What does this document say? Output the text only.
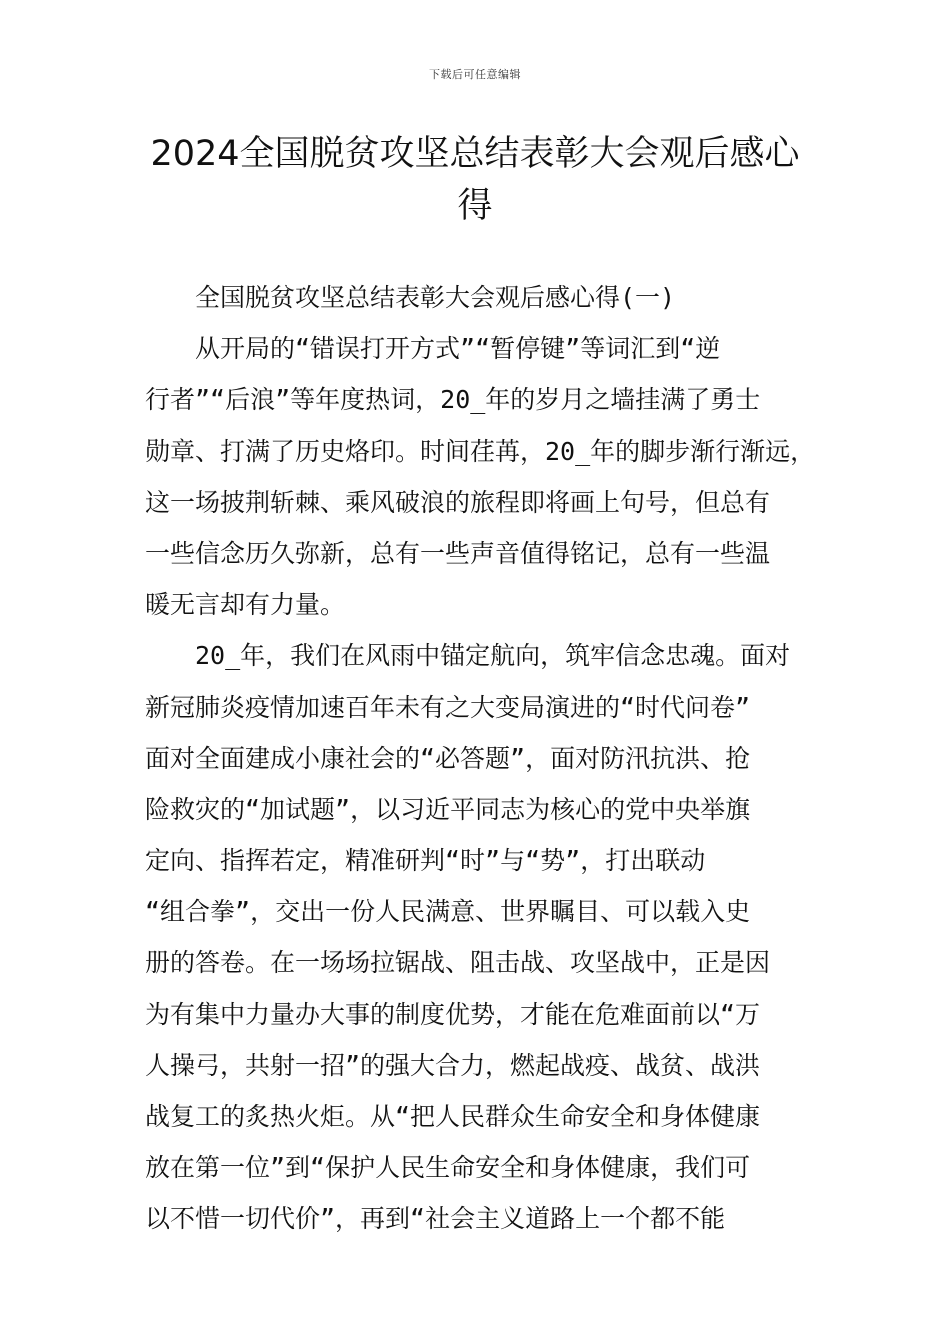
下载后可任意编辑
2024全国脱贫攻坚总结表彰大会观后感心
得
　　全国脱贫攻坚总结表彰大会观后感心得(一)
　　从开局的“错误打开方式”“暂停键”等词汇到“逆
行者”“后浪”等年度热词，20_年的岁月之墙挂满了勇士
勋章、打满了历史烙印。时间荏苒，20_年的脚步渐行渐远，
这一场披荆斩棘、乘风破浪的旅程即将画上句号，但总有
一些信念历久弥新，总有一些声音值得铭记，总有一些温
暖无言却有力量。
　　20_年，我们在风雨中锚定航向，筑牢信念忠魂。面对
新冠肺炎疫情加速百年未有之大变局演进的“时代问卷”
面对全面建成小康社会的“必答题”，面对防汛抗洪、抢
险救灾的“加试题”，以习近平同志为核心的党中央举旗
定向、指挥若定，精准研判“时”与“势”，打出联动
“组合拳”，交出一份人民满意、世界瞩目、可以载入史
册的答卷。在一场场拉锯战、阻击战、攻坚战中，正是因
为有集中力量办大事的制度优势，才能在危难面前以“万
人操弓，共射一招”的强大合力，燃起战疫、战贫、战洪
战复工的炙热火炬。从“把人民群众生命安全和身体健康
放在第一位”到“保护人民生命安全和身体健康，我们可
以不惜一切代价”，再到“社会主义道路上一个都不能
